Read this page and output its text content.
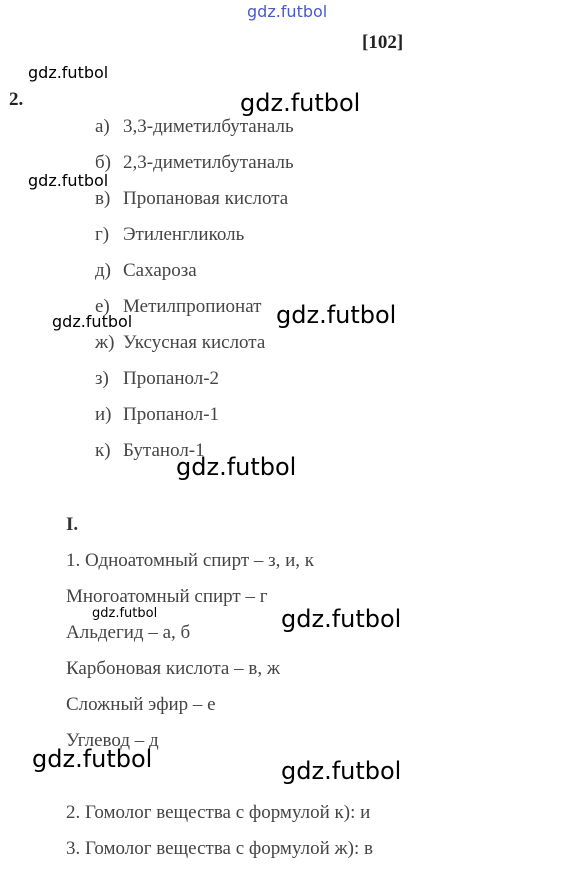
gdz.futbol
[102]
2.
а) 3,3-диметилбутаналь
б) 2,3-диметилбутаналь
в) Пропановая кислота
г) Этиленгликоль
д) Сахароза
е) Метилпропионат
ж) Уксусная кислота
з) Пропанол-2
и) Пропанол-1
к) Бутанол-1
I.
1. Одноатомный спирт – з, и, к
Многоатомный спирт – г
Альдегид – а, б
Карбоновая кислота – в, ж
Сложный эфир – е
Углевод – д
2. Гомолог вещества с формулой к): и
3. Гомолог вещества с формулой ж): в
gdz.futbol
gdz.futbol
gdz.futbol
gdz.futbol	gdz.futbol
gdz.futbol
gdz.futbol	gdz.futbol
gdz.futbol	gdz.futbol
